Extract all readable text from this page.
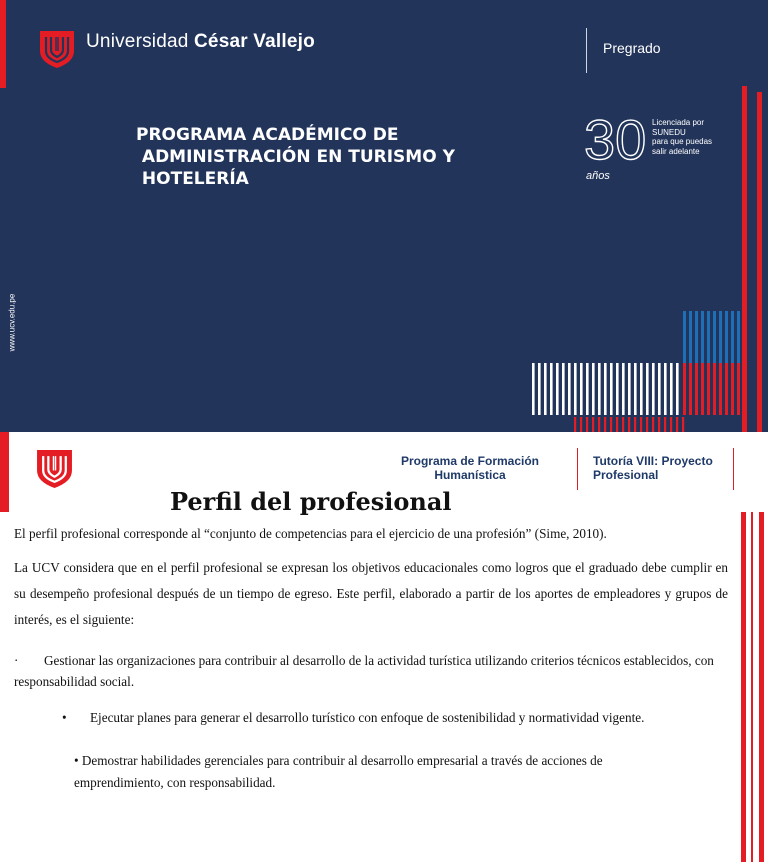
Universidad César Vallejo	Pregrado
PROGRAMA ACADÉMICO DE
ADMINISTRACIÓN EN TURISMO Y
HOTELERÍA
30
años
Licenciada por
SUNEDU
para que puedas
salir adelante
www.ucv.edu.pe
Programa de Formación
Humanística
Tutoría VIII: Proyecto
Profesional
Perfil del profesional
El perfil profesional corresponde al “conjunto de competencias para el ejercicio de una profesión” (Sime, 2010).
La UCV considera que en el perfil profesional se expresan los objetivos educacionales como logros que el graduado debe cumplir en su desempeño profesional después de un tiempo de egreso. Este perfil, elaborado a partir de los aportes de empleadores y grupos de interés, es el siguiente:
· Gestionar las organizaciones para contribuir al desarrollo de la actividad turística utilizando criterios técnicos establecidos, con responsabilidad social.
• Ejecutar planes para generar el desarrollo turístico con enfoque de sostenibilidad y normatividad vigente.
• Demostrar habilidades gerenciales para contribuir al desarrollo empresarial a través de acciones de emprendimiento, con responsabilidad.
